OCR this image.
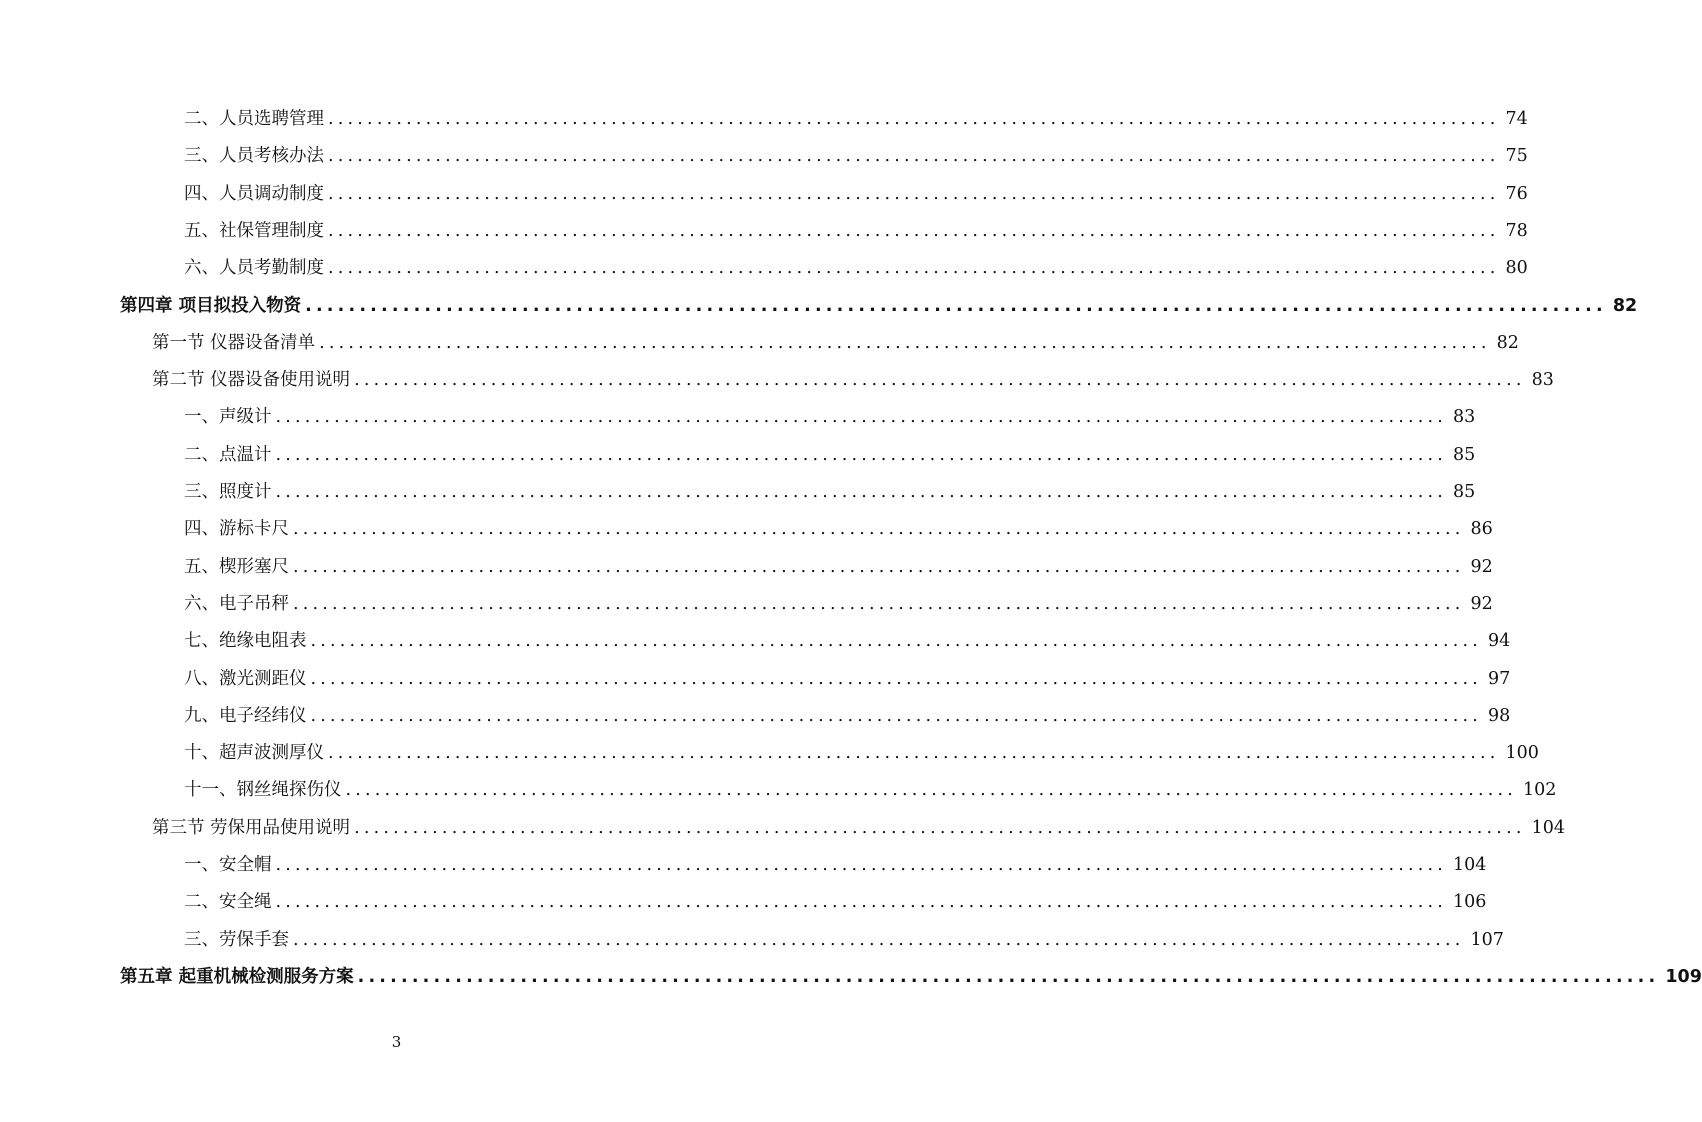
二、人员选聘管理 ........................................................................................................................ 74
三、人员考核办法 ........................................................................................................................ 75
四、人员调动制度 ........................................................................................................................ 76
五、社保管理制度 ........................................................................................................................ 78
六、人员考勤制度 ........................................................................................................................ 80
第四章 项目拟投入物资 ........................................................................................................................ 82
第一节 仪器设备清单 ........................................................................................................................ 82
第二节 仪器设备使用说明 ........................................................................................................................ 83
一、声级计 ........................................................................................................................ 83
二、点温计 ........................................................................................................................ 85
三、照度计 ........................................................................................................................ 85
四、游标卡尺 ........................................................................................................................ 86
五、楔形塞尺 ........................................................................................................................ 92
六、电子吊秤 ........................................................................................................................ 92
七、绝缘电阻表 ........................................................................................................................ 94
八、激光测距仪 ........................................................................................................................ 97
九、电子经纬仪 ........................................................................................................................ 98
十、超声波测厚仪 ........................................................................................................................ 100
十一、钢丝绳探伤仪 ........................................................................................................................ 102
第三节 劳保用品使用说明 ........................................................................................................................ 104
一、安全帽 ........................................................................................................................ 104
二、安全绳 ........................................................................................................................ 106
三、劳保手套 ........................................................................................................................ 107
第五章 起重机械检测服务方案 ........................................................................................................................ 109
3
